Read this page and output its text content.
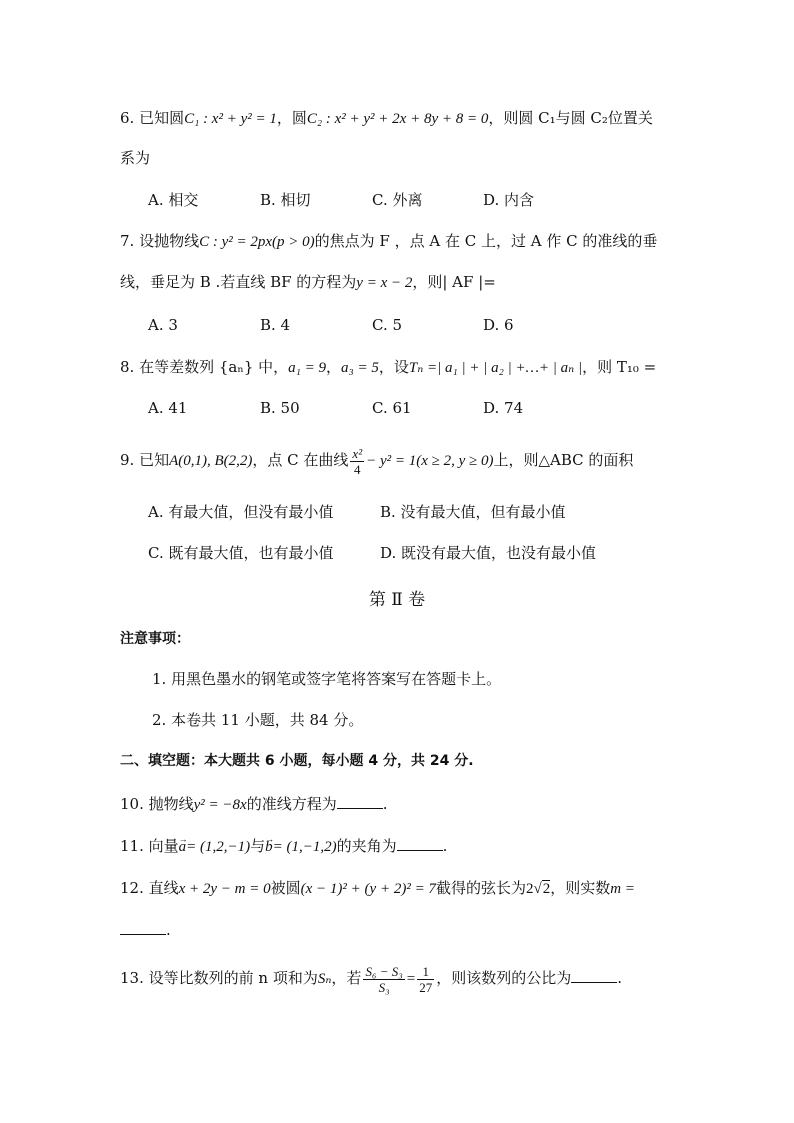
6. 已知圆C₁ : x² + y² = 1，圆C₂ : x² + y² + 2x + 8y + 8 = 0，则圆 C₁与圆 C₂位置关
系为
A. 相交	B. 相切	C. 外离	D. 内含
7. 设抛物线C : y² = 2px(p > 0)的焦点为 F ，点 A 在 C 上，过 A 作 C 的准线的垂
线，垂足为 B .若直线 BF 的方程为y = x − 2，则| AF |=
A. 3	B. 4	C. 5	D. 6
8. 在等差数列 {aₙ} 中，a₁ = 9，a₃ = 5，设Tₙ =| a₁ | + | a₂ | +…+ | aₙ |，则 T₁₀ =
A. 41	B. 50	C. 61	D. 74
9. 已知A(0,1), B(2,2)，点 C 在曲线 $\frac{\text{x²}}{4} - y^2 = 1(x \ge 2$, y ≥ 0)上，则△ABC 的面积
A. 有最大值，但没有最小值	B. 没有最大值，但有最小值
C. 既有最大值，也有最小值	D. 既没有最大值，也没有最小值
第 Ⅱ 卷
注意事项：
1. 用黑色墨水的钢笔或签字笔将答案写在答题卡上。
2. 本卷共 11 小题，共 84 分。
二、填空题：本大题共 6 小题，每小题 4 分，共 24 分.
10. 抛物线y² = −8x的准线方程为	.
11. 向量→ a= (1,2,−1)与→ b= (1,−1,2)的夹角为	.
12. 直线x + 2y − m = 0被圆(x − 1)² + (y + 2)² = 7截得的弦长为2√2，则实数m =
.
13. 设等比数列的前 n 项和为Sₙ，若 $\frac{\text{S₆ − S₃}}{\text{S₃}} = \frac{1}{27}$ ，则该数列的公比为	.
